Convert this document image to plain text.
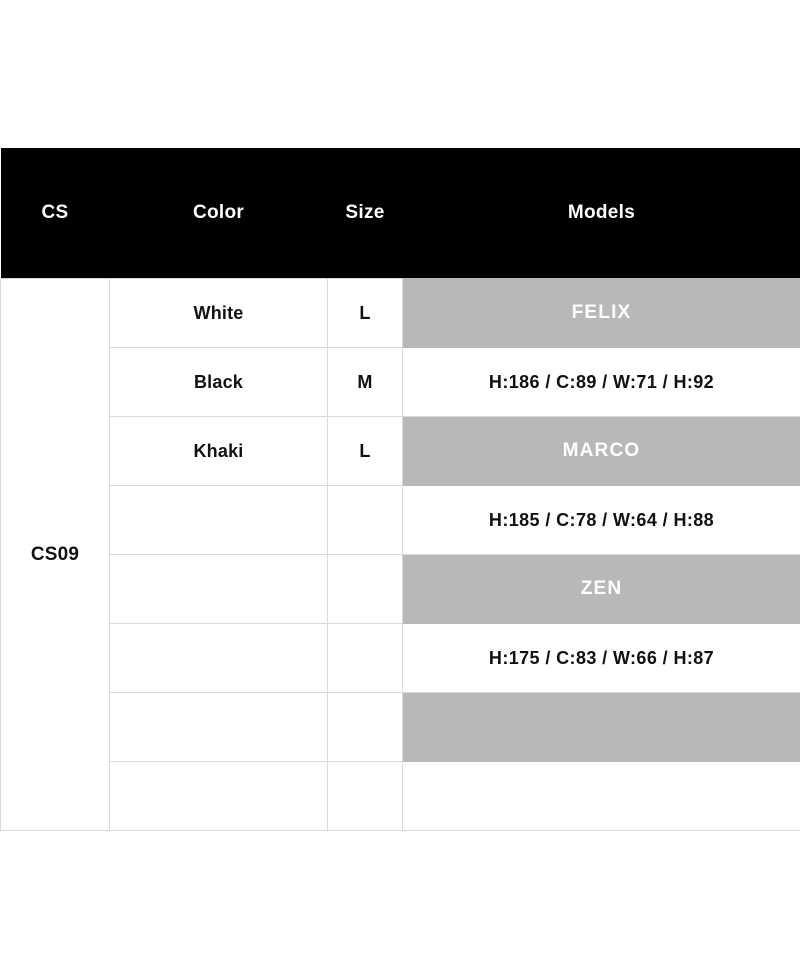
CS	Color	Size	Models
CS09	White	L	FELIX
	Black	M	H:186 / C:89 / W:71 / H:92
	Khaki	L	MARCO
			H:185 / C:78 / W:64 / H:88
			ZEN
			H:175 / C:83 / W:66 / H:87
